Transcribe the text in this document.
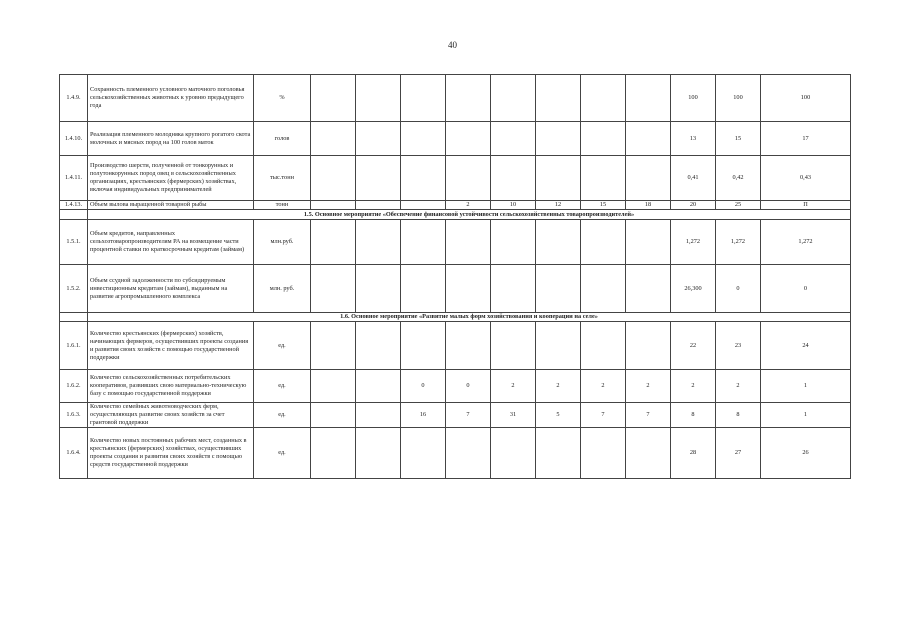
40
1.4.9.	Сохранность племенного условного маточного поголовья сельскохозяйственных животных к уровню предыдущего года	%									100	100	100		
1.4.10.	Реализация племенного молодняка крупного рогатого скота молочных и мясных пород на 100 голов маток	голов									13	15	17		
1.4.11.	Производство шерсти, полученной от тонкорунных и полутонкорунных пород овец в сельскохозяйственных организациях, крестьянских (фермерских) хозяйствах, включая индивидуальных предпринимателей	тыс.тонн									0,41	0,42	0,43		
1.4.13.	Объем вылова выращенной товарной рыбы	тонн				2	10	12	15	18	20	25	П	
	1.5. Основное мероприятие «Обеспечение финансовой устойчивости сельскохозяйственных товаропроизводителей»													
1.5.1.	Объем кредитов, направленных сельхозтоваропроизводителям РА на возмещение части процентной ставки по краткосрочным кредитам (займам)	млн.руб.									1,272	1,272	1,272		
1.5.2.	Объем ссудной задолженности по субсидируемым инвестиционным кредитам (займам), выданным на развитие агропромышленного комплекса	млн. руб.									26,300	0	0		
	1.6. Основное мероприятие «Развитие малых форм хозяйствования и кооперации на селе»													
1.6.1.	Количество крестьянских (фермерских) хозяйств, начинающих фермеров, осуществивших проекты создания и развития своих хозяйств с помощью государственной поддержки	ед.									22	23	24		
1.6.2.	Количество сельскохозяйственных потребительских кооперативов, развивших свою материально-техническую базу с помощью государственной поддержки	ед.			0	0	2	2	2	2	2	2	1	
1.6.3.	Количество семейных животноводческих ферм, осуществляющих развитие своих хозяйств за счет грантовой поддержки	ед.			16	7	31	5	7	7	8	8	1	
1.6.4.	Количество новых постоянных рабочих мест, созданных в крестьянских (фермерских) хозяйствах, осуществивших проекты создания и развития своих хозяйств с помощью средств государственной поддержки	ед.									28	27	26		
